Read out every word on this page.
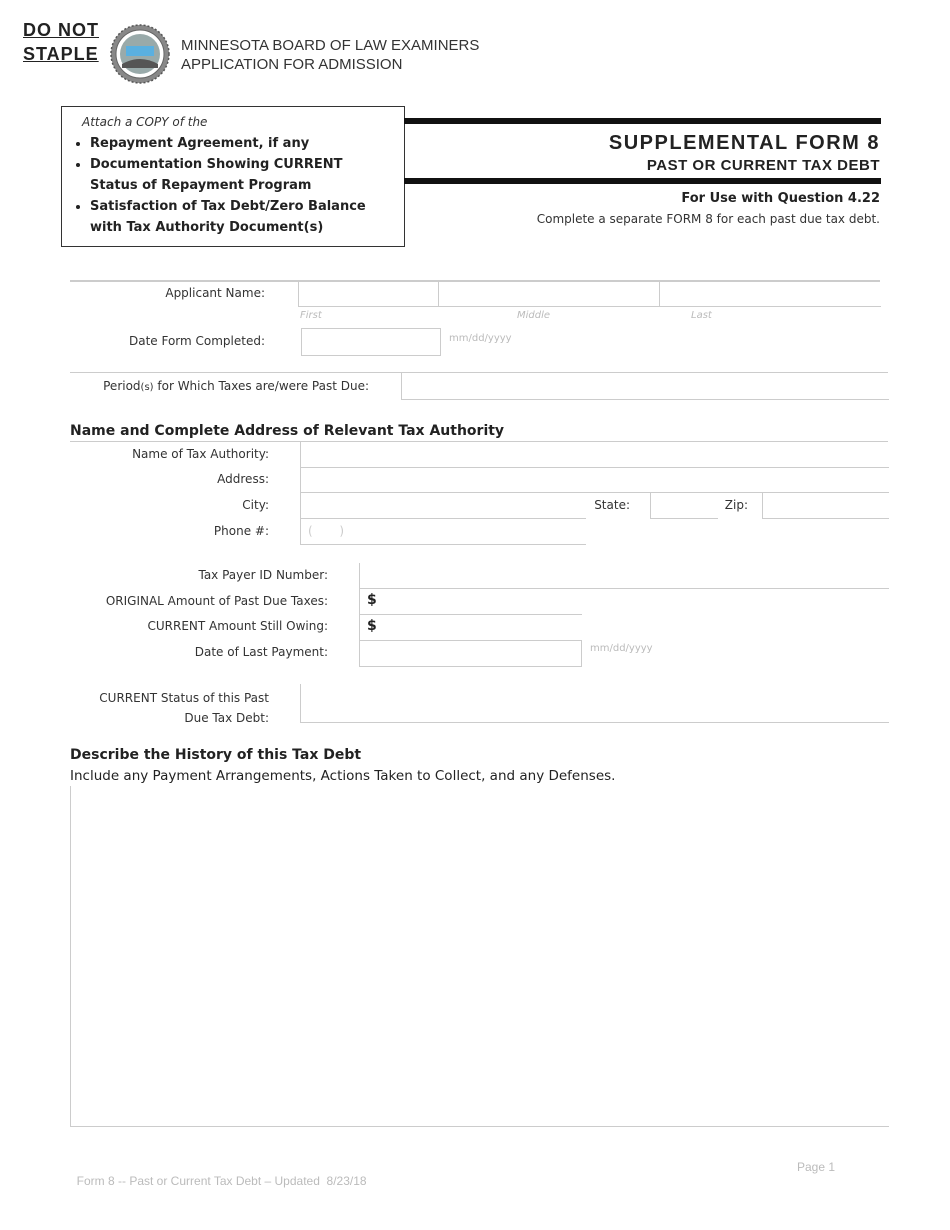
DO NOT
STAPLE	MINNESOTA BOARD OF LAW EXAMINERS
APPLICATION FOR ADMISSION
Attach a COPY of the
• Repayment Agreement, if any
• Documentation Showing CURRENT Status of Repayment Program
• Satisfaction of Tax Debt/Zero Balance with Tax Authority Document(s)
SUPPLEMENTAL FORM 8
PAST OR CURRENT TAX DEBT
For Use with Question 4.22
Complete a separate FORM 8 for each past due tax debt.
Applicant Name:
First	Middle	Last
Date Form Completed:	mm/dd/yyyy
Period(s) for Which Taxes are/were Past Due:
Name and Complete Address of Relevant Tax Authority
Name of Tax Authority:
Address:
City:	State:	Zip:
Phone #:	(       )
Tax Payer ID Number:
ORIGINAL Amount of Past Due Taxes:	$
CURRENT Amount Still Owing:	$
Date of Last Payment:	mm/dd/yyyy
CURRENT Status of this Past
Due Tax Debt:
Describe the History of this Tax Debt
Include any Payment Arrangements, Actions Taken to Collect, and any Defenses.

Form 8 -- Past or Current Tax Debt – Updated  8/23/18

Page 1
